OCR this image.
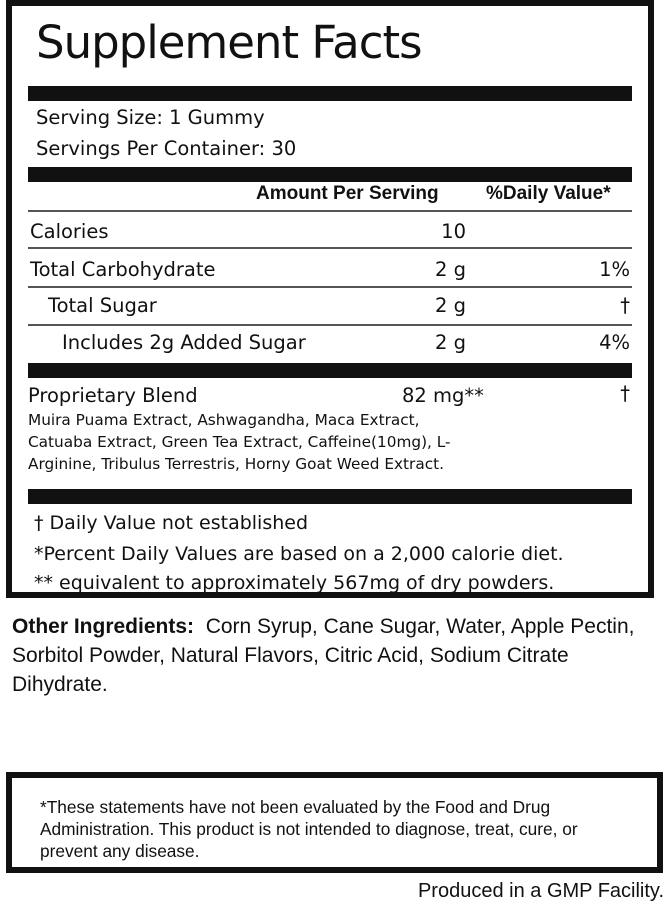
Supplement Facts
Serving Size: 1 Gummy
Servings Per Container: 30
Amount Per Serving %Daily Value*
Calories	10
Total Carbohydrate	2 g	1%
Total Sugar	2 g	†
Includes 2g Added Sugar	2 g	4%
Proprietary Blend	82 mg**	†
Muira Puama Extract, Ashwagandha, Maca Extract,
Catuaba Extract, Green Tea Extract, Caffeine(10mg), L-
Arginine, Tribulus Terrestris, Horny Goat Weed Extract.
† Daily Value not established
*Percent Daily Values are based on a 2,000 calorie diet.
** equivalent to approximately 567mg of dry powders.
Other Ingredients: Corn Syrup, Cane Sugar, Water, Apple Pectin, Sorbitol Powder, Natural Flavors, Citric Acid, Sodium Citrate Dihydrate.
*These statements have not been evaluated by the Food and Drug Administration. This product is not intended to diagnose, treat, cure, or prevent any disease.
Produced in a GMP Facility.
